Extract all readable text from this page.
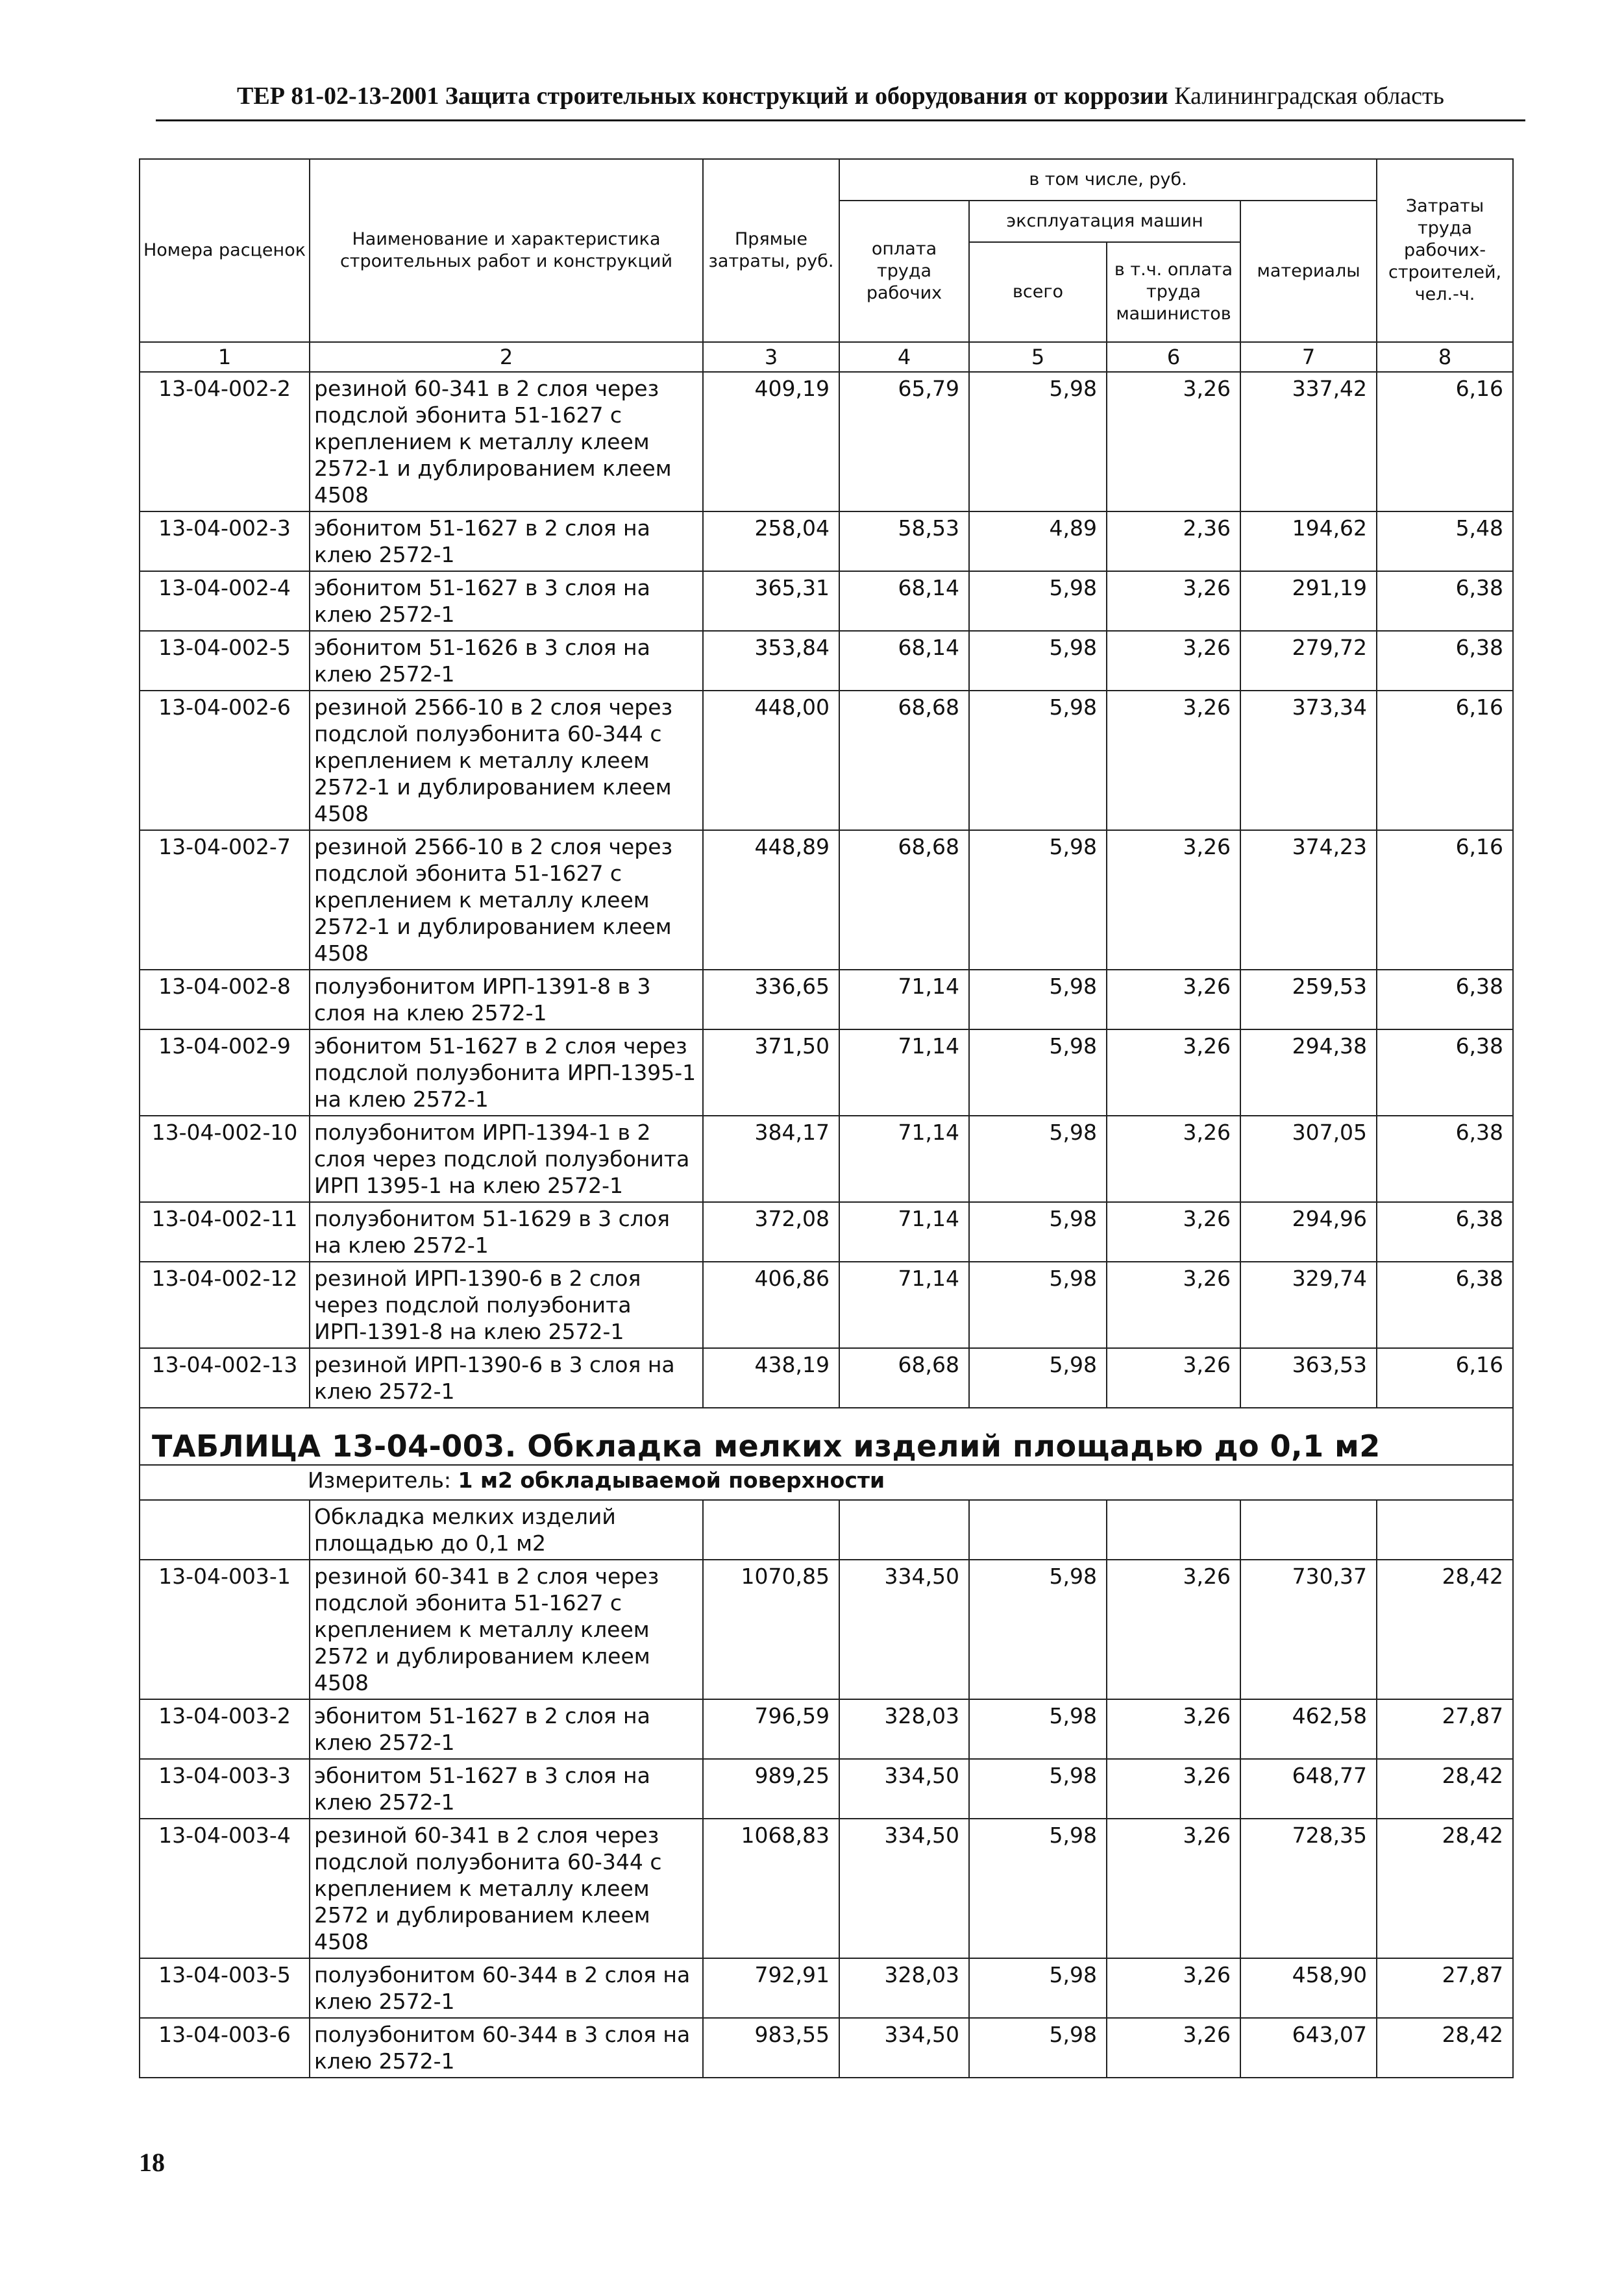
ТЕР 81-02-13-2001 Защита строительных конструкций и оборудования от коррозии Калининградская область
Номера расценок	Наименование и характеристика строительных работ и конструкций	Прямые затраты, руб.	в том числе, руб.				Затраты труда рабочих-строителей, чел.-ч.
			оплата труда рабочих	эксплуатация машин		материалы	
				всего	в т.ч. оплата труда машинистов		
1	2	3	4	5	6	7	8
13-04-002-2	резиной 60-341 в 2 слоя через подслой эбонита 51-1627 с креплением к металлу клеем 2572-1 и дублированием клеем 4508	409,19	65,79	5,98	3,26	337,42	6,16
13-04-002-3	эбонитом 51-1627 в 2 слоя на клею 2572-1	258,04	58,53	4,89	2,36	194,62	5,48
13-04-002-4	эбонитом 51-1627 в 3 слоя на клею 2572-1	365,31	68,14	5,98	3,26	291,19	6,38
13-04-002-5	эбонитом 51-1626 в 3 слоя на клею 2572-1	353,84	68,14	5,98	3,26	279,72	6,38
13-04-002-6	резиной 2566-10 в 2 слоя через подслой полуэбонита 60-344 с креплением к металлу клеем 2572-1 и дублированием клеем 4508	448,00	68,68	5,98	3,26	373,34	6,16
13-04-002-7	резиной 2566-10 в 2 слоя через подслой эбонита 51-1627 с креплением к металлу клеем 2572-1 и дублированием клеем 4508	448,89	68,68	5,98	3,26	374,23	6,16
13-04-002-8	полуэбонитом ИРП-1391-8 в 3 слоя на клею 2572-1	336,65	71,14	5,98	3,26	259,53	6,38
13-04-002-9	эбонитом 51-1627 в 2 слоя через подслой полуэбонита ИРП-1395-1 на клею 2572-1	371,50	71,14	5,98	3,26	294,38	6,38
13-04-002-10	полуэбонитом ИРП-1394-1 в 2 слоя через подслой полуэбонита ИРП 1395-1 на клею 2572-1	384,17	71,14	5,98	3,26	307,05	6,38
13-04-002-11	полуэбонитом 51-1629 в 3 слоя на клею 2572-1	372,08	71,14	5,98	3,26	294,96	6,38
13-04-002-12	резиной ИРП-1390-6 в 2 слоя через подслой полуэбонита ИРП-1391-8 на клею 2572-1	406,86	71,14	5,98	3,26	329,74	6,38
13-04-002-13	резиной ИРП-1390-6 в 3 слоя на клею 2572-1	438,19	68,68	5,98	3,26	363,53	6,16

ТАБЛИЦА 13-04-003. Обкладка мелких изделий площадью до 0,1 м2							

Измеритель: 1 м2 обкладываемой поверхности							

	Обкладка мелких изделий площадью до 0,1 м2						
13-04-003-1	резиной 60-341 в 2 слоя через подслой эбонита 51-1627 с креплением к металлу клеем 2572 и дублированием клеем 4508	1070,85	334,50	5,98	3,26	730,37	28,42
13-04-003-2	эбонитом 51-1627 в 2 слоя на клею 2572-1	796,59	328,03	5,98	3,26	462,58	27,87
13-04-003-3	эбонитом 51-1627 в 3 слоя на клею 2572-1	989,25	334,50	5,98	3,26	648,77	28,42
13-04-003-4	резиной 60-341 в 2 слоя через подслой полуэбонита 60-344 с креплением к металлу клеем 2572 и дублированием клеем 4508	1068,83	334,50	5,98	3,26	728,35	28,42
13-04-003-5	полуэбонитом 60-344 в 2 слоя на клею 2572-1	792,91	328,03	5,98	3,26	458,90	27,87
13-04-003-6	полуэбонитом 60-344 в 3 слоя на клею 2572-1	983,55	334,50	5,98	3,26	643,07	28,42
18
